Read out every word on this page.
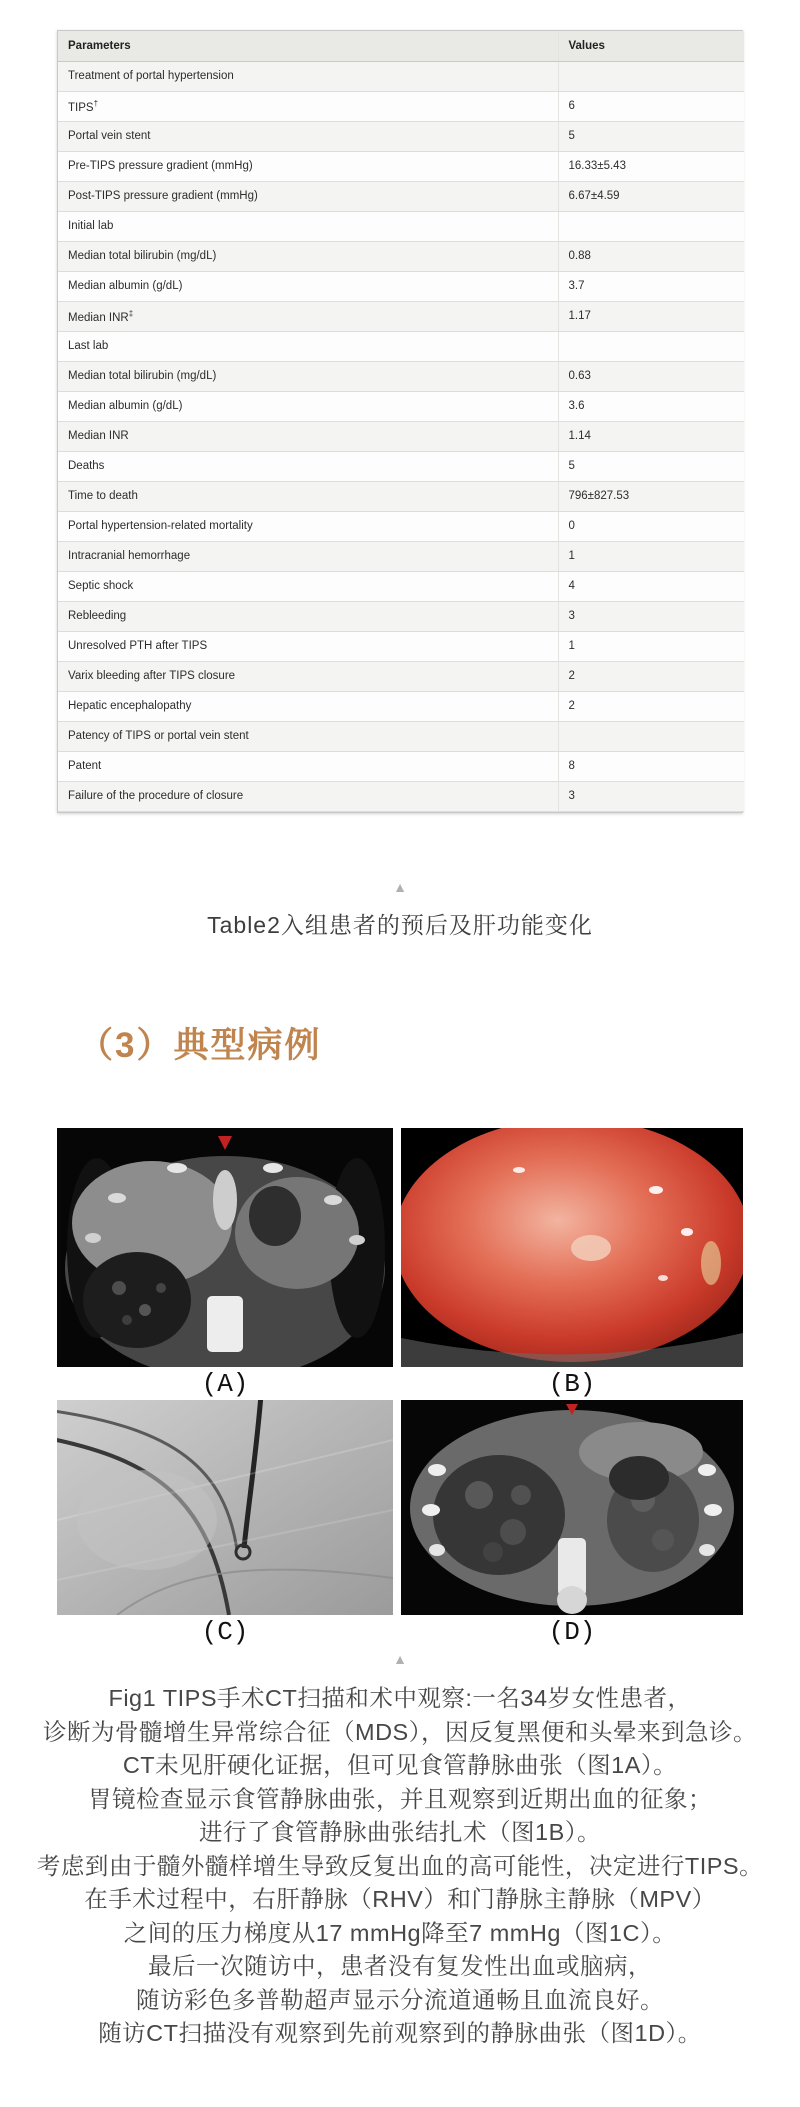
Parameters	Values
Treatment of portal hypertension	
TIPS†	6
Portal vein stent	5
Pre-TIPS pressure gradient (mmHg)	16.33±5.43
Post-TIPS pressure gradient (mmHg)	6.67±4.59
Initial lab	
Median total bilirubin (mg/dL)	0.88
Median albumin (g/dL)	3.7
Median INR‡	1.17
Last lab	
Median total bilirubin (mg/dL)	0.63
Median albumin (g/dL)	3.6
Median INR	1.14
Deaths	5
Time to death	796±827.53
Portal hypertension-related mortality	0
Intracranial hemorrhage	1
Septic shock	4
Rebleeding	3
Unresolved PTH after TIPS	1
Varix bleeding after TIPS closure	2
Hepatic encephalopathy	2
Patency of TIPS or portal vein stent	
Patent	8
Failure of the procedure of closure	3
▲
Table2入组患者的预后及肝功能变化
（3）典型病例
(A)	(B)
(C)	(D)
▲
Fig1 TIPS手术CT扫描和术中观察:一名34岁女性患者，
诊断为骨髓增生异常综合征（MDS），因反复黑便和头晕来到急诊。
CT未见肝硬化证据，但可见食管静脉曲张（图1A）。
胃镜检查显示食管静脉曲张，并且观察到近期出血的征象；
进行了食管静脉曲张结扎术（图1B）。
考虑到由于髓外髓样增生导致反复出血的高可能性，决定进行TIPS。
在手术过程中，右肝静脉（RHV）和门静脉主静脉（MPV）
之间的压力梯度从17 mmHg降至7 mmHg（图1C）。
最后一次随访中，患者没有复发性出血或脑病，
随访彩色多普勒超声显示分流道通畅且血流良好。
随访CT扫描没有观察到先前观察到的静脉曲张（图1D）。
